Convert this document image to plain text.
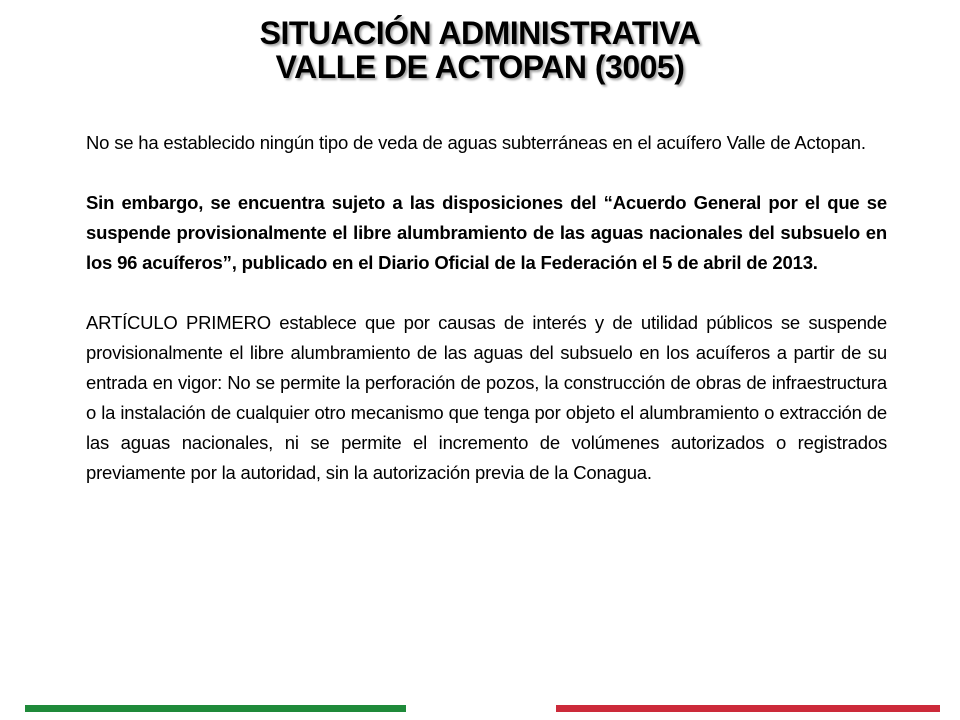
SITUACIÓN ADMINISTRATIVA
VALLE DE ACTOPAN (3005)

No se ha establecido ningún tipo de veda de aguas subterráneas en el acuífero Valle de Actopan.

Sin embargo, se encuentra sujeto a las disposiciones del “Acuerdo General por el que se suspende provisionalmente el libre alumbramiento de las aguas nacionales del subsuelo en los 96 acuíferos”, publicado en el Diario Oficial de la Federación el 5 de abril de 2013.

ARTÍCULO PRIMERO establece que por causas de interés y de utilidad públicos se suspende provisionalmente el libre alumbramiento de las aguas del subsuelo en los acuíferos a partir de su entrada en vigor: No se permite la perforación de pozos, la construcción de obras de infraestructura o la instalación de cualquier otro mecanismo que tenga por objeto el alumbramiento o extracción de las aguas nacionales, ni se permite el incremento de volúmenes autorizados o registrados previamente por la autoridad, sin la autorización previa de la Conagua.
